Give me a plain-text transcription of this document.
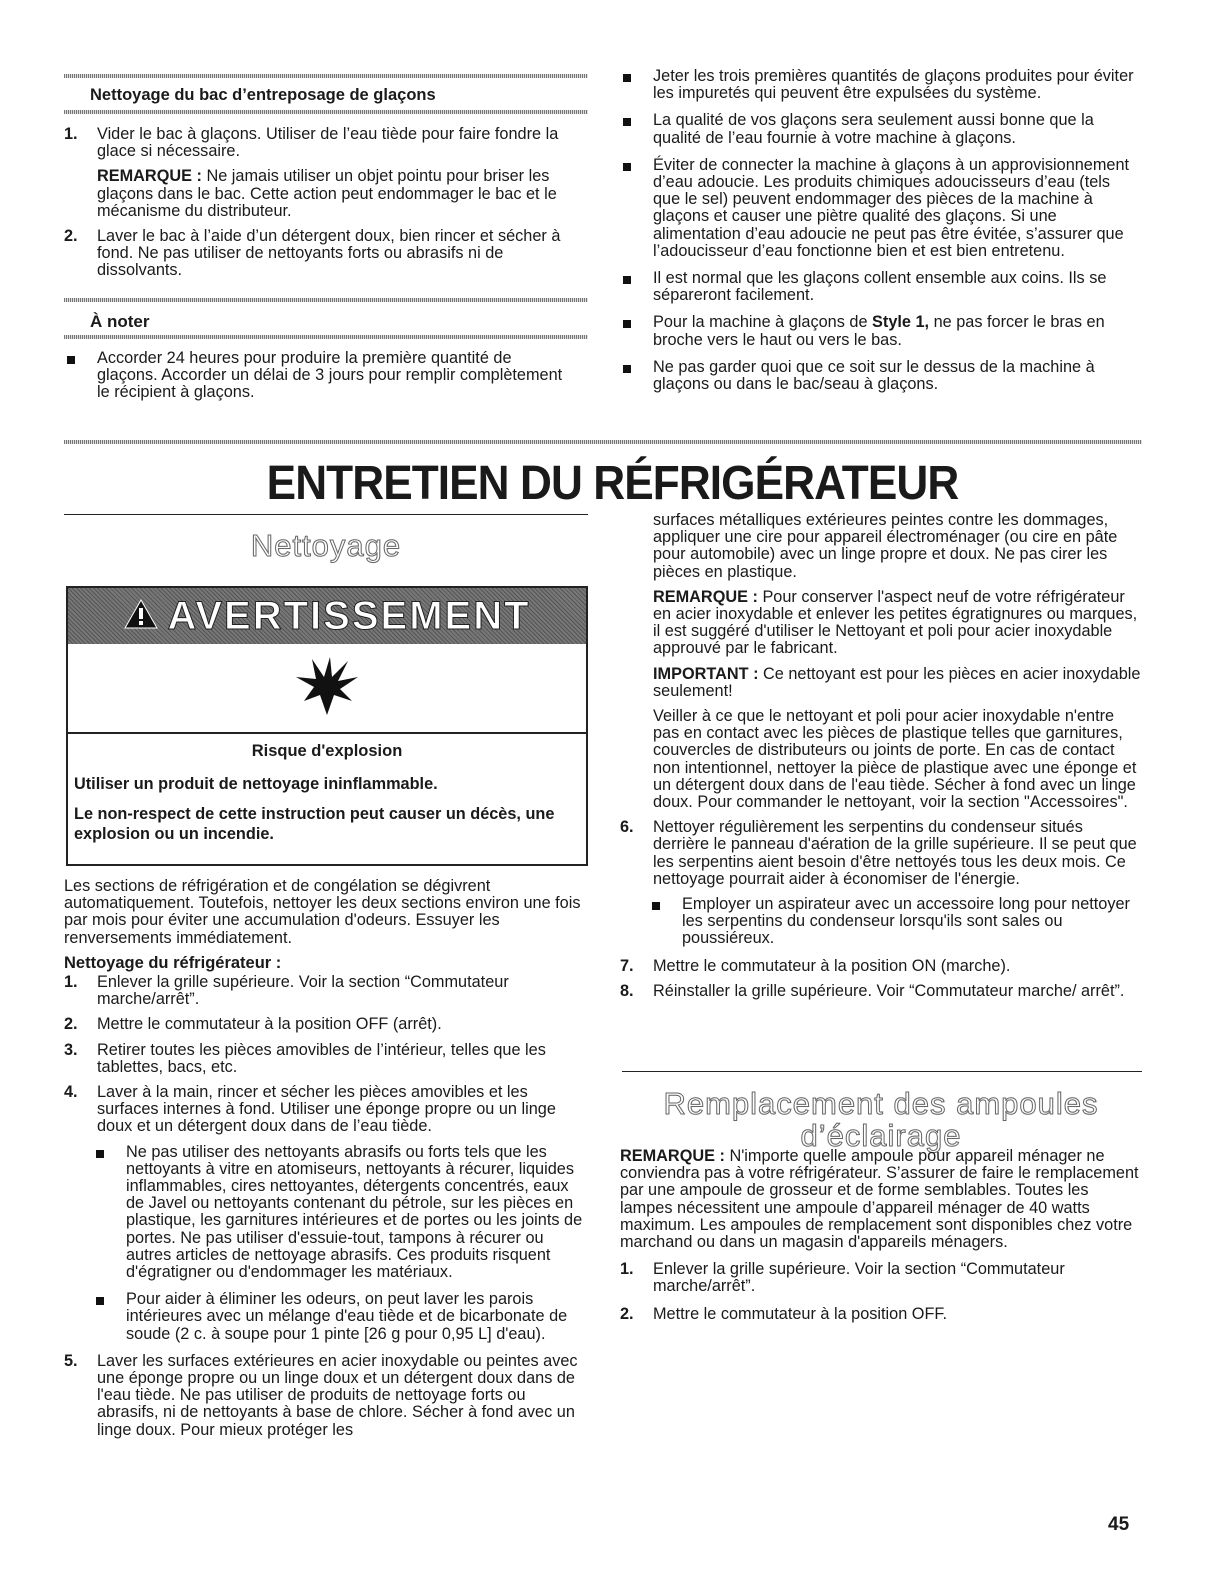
Nettoyage du bac d’entreposage de glaçons
1. Vider le bac à glaçons. Utiliser de l’eau tiède pour faire fondre la glace si nécessaire.

REMARQUE : Ne jamais utiliser un objet pointu pour briser les glaçons dans le bac. Cette action peut endommager le bac et le mécanisme du distributeur.

2. Laver le bac à l’aide d’un détergent doux, bien rincer et sécher à fond. Ne pas utiliser de nettoyants forts ou abrasifs ni de dissolvants.

À noter

Accorder 24 heures pour produire la première quantité de glaçons. Accorder un délai de 3 jours pour remplir complètement le récipient à glaçons.

Jeter les trois premières quantités de glaçons produites pour éviter les impuretés qui peuvent être expulsées du système.

La qualité de vos glaçons sera seulement aussi bonne que la qualité de l’eau fournie à votre machine à glaçons.

Éviter de connecter la machine à glaçons à un approvisionnement d’eau adoucie. Les produits chimiques adoucisseurs d’eau (tels que le sel) peuvent endommager des pièces de la machine à glaçons et causer une piètre qualité des glaçons. Si une alimentation d’eau adoucie ne peut pas être évitée, s’assurer que l’adoucisseur d’eau fonctionne bien et est bien entretenu.

Il est normal que les glaçons collent ensemble aux coins. Ils se sépareront facilement.

Pour la machine à glaçons de Style 1, ne pas forcer le bras en broche vers le haut ou vers le bas.

Ne pas garder quoi que ce soit sur le dessus de la machine à glaçons ou dans le bac/seau à glaçons.

ENTRETIEN DU RÉFRIGÉRATEUR
Nettoyage
AVERTISSEMENT
Risque d'explosion
Utiliser un produit de nettoyage ininflammable.
Le non-respect de cette instruction peut causer un décès, une explosion ou un incendie.

Les sections de réfrigération et de congélation se dégivrent automatiquement. Toutefois, nettoyer les deux sections environ une fois par mois pour éviter une accumulation d'odeurs. Essuyer les renversements immédiatement.

Nettoyage du réfrigérateur :

1. Enlever la grille supérieure. Voir la section “Commutateur marche/arrêt”.

2. Mettre le commutateur à la position OFF (arrêt).

3. Retirer toutes les pièces amovibles de l’intérieur, telles que les tablettes, bacs, etc.

4. Laver à la main, rincer et sécher les pièces amovibles et les surfaces internes à fond. Utiliser une éponge propre ou un linge doux et un détergent doux dans de l’eau tiède.

Ne pas utiliser des nettoyants abrasifs ou forts tels que les nettoyants à vitre en atomiseurs, nettoyants à récurer, liquides inflammables, cires nettoyantes, détergents concentrés, eaux de Javel ou nettoyants contenant du pétrole, sur les pièces en plastique, les garnitures intérieures et de portes ou les joints de portes. Ne pas utiliser d'essuie-tout, tampons à récurer ou autres articles de nettoyage abrasifs. Ces produits risquent d'égratigner ou d'endommager les matériaux.

Pour aider à éliminer les odeurs, on peut laver les parois intérieures avec un mélange d'eau tiède et de bicarbonate de soude (2 c. à soupe pour 1 pinte [26 g pour 0,95 L] d'eau).

5. Laver les surfaces extérieures en acier inoxydable ou peintes avec une éponge propre ou un linge doux et un détergent doux dans de l'eau tiède. Ne pas utiliser de produits de nettoyage forts ou abrasifs, ni de nettoyants à base de chlore. Sécher à fond avec un linge doux. Pour mieux protéger les

surfaces métalliques extérieures peintes contre les dommages, appliquer une cire pour appareil électroménager (ou cire en pâte pour automobile) avec un linge propre et doux. Ne pas cirer les pièces en plastique.

REMARQUE : Pour conserver l'aspect neuf de votre réfrigérateur en acier inoxydable et enlever les petites égratignures ou marques, il est suggéré d'utiliser le Nettoyant et poli pour acier inoxydable approuvé par le fabricant.

IMPORTANT : Ce nettoyant est pour les pièces en acier inoxydable seulement!

Veiller à ce que le nettoyant et poli pour acier inoxydable n'entre pas en contact avec les pièces de plastique telles que garnitures, couvercles de distributeurs ou joints de porte. En cas de contact non intentionnel, nettoyer la pièce de plastique avec une éponge et un détergent doux dans de l'eau tiède. Sécher à fond avec un linge doux. Pour commander le nettoyant, voir la section "Accessoires".

6. Nettoyer régulièrement les serpentins du condenseur situés derrière le panneau d'aération de la grille supérieure. Il se peut que les serpentins aient besoin d'être nettoyés tous les deux mois. Ce nettoyage pourrait aider à économiser de l'énergie.

Employer un aspirateur avec un accessoire long pour nettoyer les serpentins du condenseur lorsqu'ils sont sales ou poussiéreux.

7. Mettre le commutateur à la position ON (marche).

8. Réinstaller la grille supérieure. Voir “Commutateur marche/ arrêt”.

Remplacement des ampoules
d’éclairage

REMARQUE : N'importe quelle ampoule pour appareil ménager ne conviendra pas à votre réfrigérateur. S’assurer de faire le remplacement par une ampoule de grosseur et de forme semblables. Toutes les lampes nécessitent une ampoule d’appareil ménager de 40 watts maximum. Les ampoules de remplacement sont disponibles chez votre marchand ou dans un magasin d'appareils ménagers.

1. Enlever la grille supérieure. Voir la section “Commutateur marche/arrêt”.

2. Mettre le commutateur à la position OFF.

45
